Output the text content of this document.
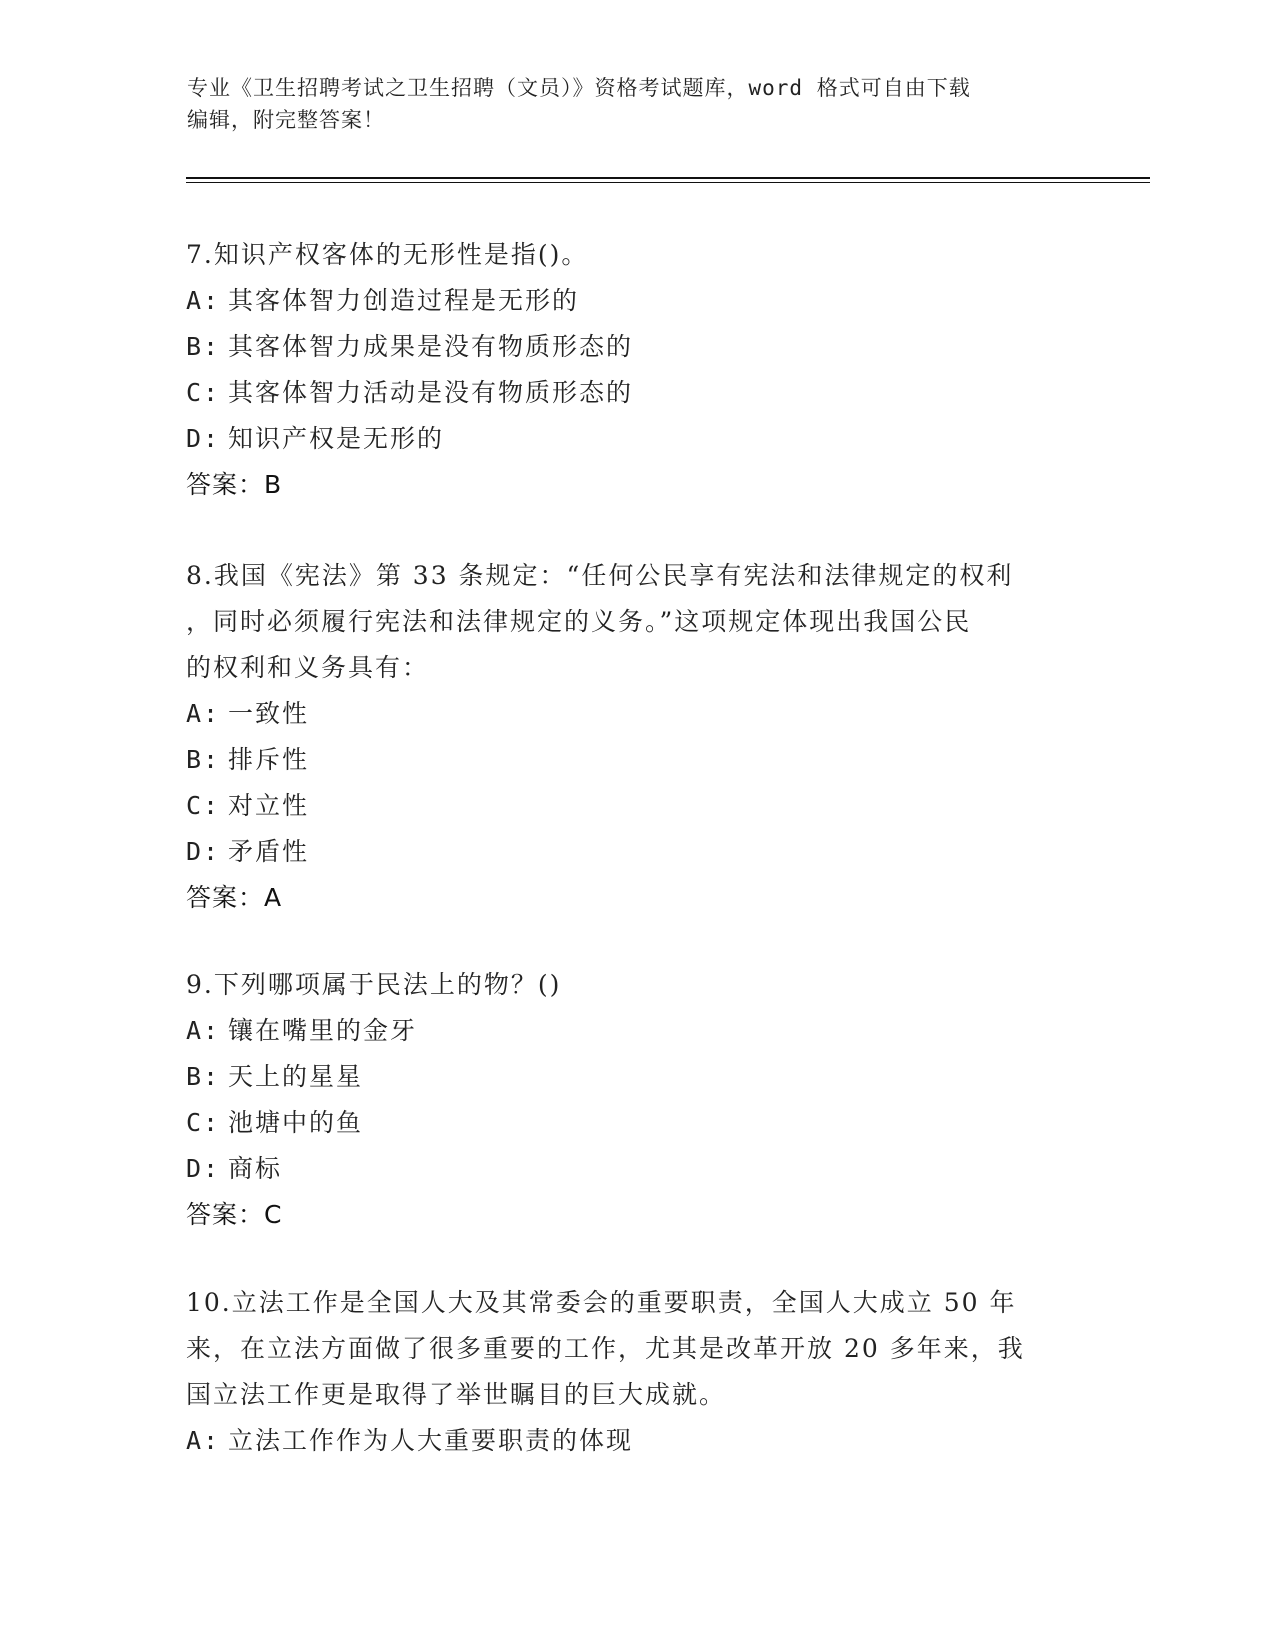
专业《卫生招聘考试之卫生招聘（文员）》资格考试题库，word 格式可自由下载
编辑，附完整答案！

7.知识产权客体的无形性是指()。

A: 其客体智力创造过程是无形的
B: 其客体智力成果是没有物质形态的
C: 其客体智力活动是没有物质形态的
D: 知识产权是无形的
答案：B

8.我国《宪法》第 33 条规定：“任何公民享有宪法和法律规定的权利

，同时必须履行宪法和法律规定的义务。”这项规定体现出我国公民

的权利和义务具有：

A: 一致性
B: 排斥性
C: 对立性
D: 矛盾性
答案：A

9.下列哪项属于民法上的物？()

A: 镶在嘴里的金牙
B: 天上的星星
C: 池塘中的鱼
D: 商标
答案：C

10.立法工作是全国人大及其常委会的重要职责，全国人大成立 50 年

来，在立法方面做了很多重要的工作，尤其是改革开放 20 多年来，我

国立法工作更是取得了举世瞩目的巨大成就。

A: 立法工作作为人大重要职责的体现
